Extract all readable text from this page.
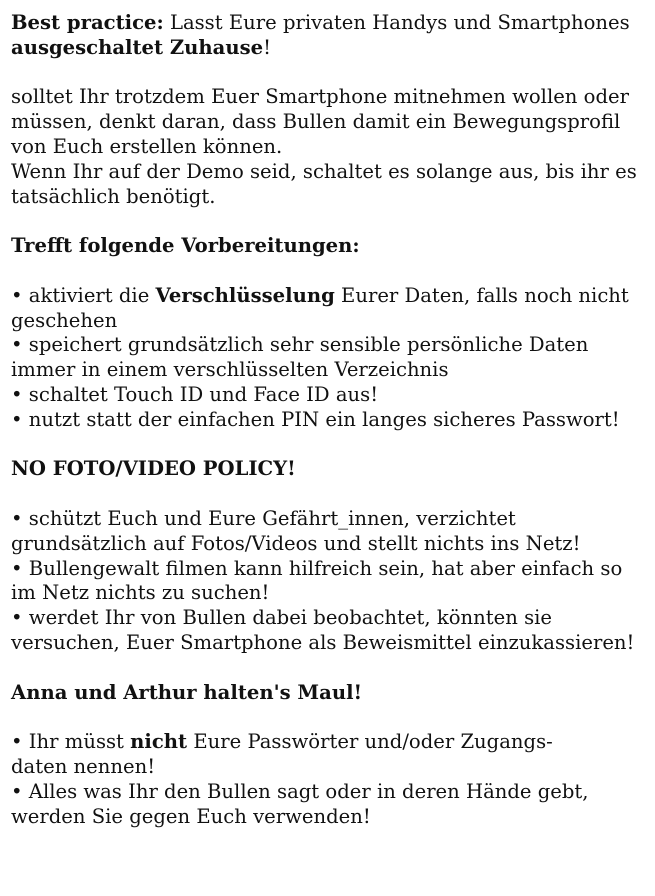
Best practice: Lasst Eure privaten Handys und Smartphones ausgeschaltet Zuhause!

solltet Ihr trotzdem Euer Smartphone mitnehmen wollen oder müssen, denkt daran, dass Bullen damit ein Bewegungsprofil von Euch erstellen können.
Wenn Ihr auf der Demo seid, schaltet es solange aus, bis ihr es tatsächlich benötigt.

Trefft folgende Vorbereitungen:

• aktiviert die Verschlüsselung Eurer Daten, falls noch nicht geschehen

• speichert grundsätzlich sehr sensible persönliche Daten immer in einem verschlüsselten Verzeichnis

• schaltet Touch ID und Face ID aus!

• nutzt statt der einfachen PIN ein langes sicheres Passwort!

NO FOTO/VIDEO POLICY!

• schützt Euch und Eure Gefährt_innen, verzichtet grundsätzlich auf Fotos/Videos und stellt nichts ins Netz!

• Bullengewalt filmen kann hilfreich sein, hat aber einfach so im Netz nichts zu suchen!

• werdet Ihr von Bullen dabei beobachtet, könnten sie versuchen, Euer Smartphone als Beweismittel einzukassieren!

Anna und Arthur halten's Maul!

• Ihr müsst nicht Eure Passwörter und/oder Zugangs-
daten nennen!

• Alles was Ihr den Bullen sagt oder in deren Hände gebt, werden Sie gegen Euch verwenden!
